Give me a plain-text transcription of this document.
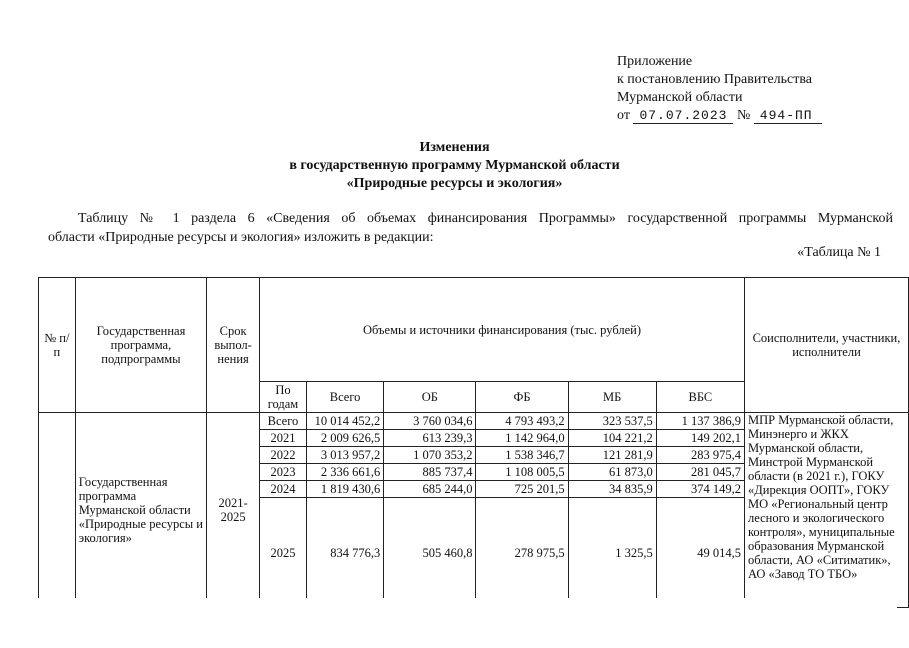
Приложение
к постановлению Правительства
Мурманской области
от 07.07.2023 № 494-ПП
Изменения
в государственную программу Мурманской области
«Природные ресурсы и экология»
Таблицу № 1 раздела 6 «Сведения об объемах финансирования Программы» государственной программы Мурманской
области «Природные ресурсы и экология» изложить в редакции:
«Таблица № 1
№ п/п	Государственная программа, подпрограммы	Срок выпол-нения	Объемы и источники финансирования (тыс. рублей)						Соисполнители, участники, исполнители
			По годам	Всего	ОБ	ФБ	МБ	ВБС	
	Государственная программа Мурманской области «Природные ресурсы и экология»	2021-2025	Всего	10 014 452,2	3 760 034,6	4 793 493,2	323 537,5	1 137 386,9	МПР Мурманской области, Минэнерго и ЖКХ Мурманской области, Минстрой Мурманской области (в 2021 г.), ГОКУ «Дирекция ООПТ», ГОКУ МО «Региональный центр лесного и экологического контроля», муниципальные образования Мурманской области, АО «Ситиматик», АО «Завод ТО ТБО»
			2021	2 009 626,5	613 239,3	1 142 964,0	104 221,2	149 202,1	
			2022	3 013 957,2	1 070 353,2	1 538 346,7	121 281,9	283 975,4	
			2023	2 336 661,6	885 737,4	1 108 005,5	61 873,0	281 045,7	
			2024	1 819 430,6	685 244,0	725 201,5	34 835,9	374 149,2	
			2025	834 776,3	505 460,8	278 975,5	1 325,5	49 014,5	
